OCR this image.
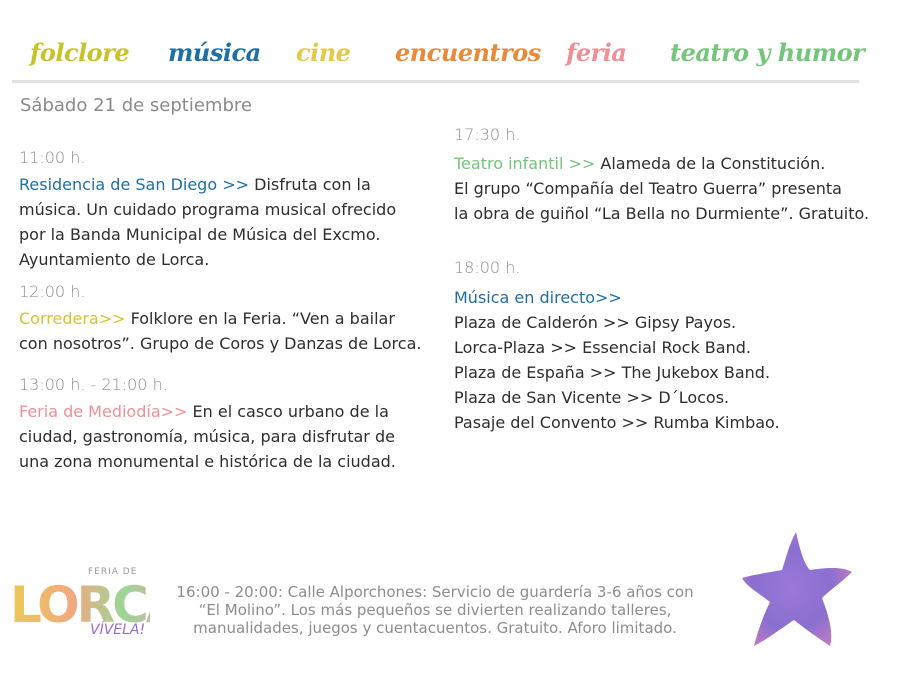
folclore música cine encuentros feria teatro y humor
Sábado 21 de septiembre
11:00 h.
Residencia de San Diego >> Disfruta con la
música. Un cuidado programa musical ofrecido
por la Banda Municipal de Música del Excmo.
Ayuntamiento de Lorca.
12:00 h.
Corredera>> Folklore en la Feria. “Ven a bailar
con nosotros”. Grupo de Coros y Danzas de Lorca.
13:00 h. - 21:00 h.
Feria de Mediodía>> En el casco urbano de la
ciudad, gastronomía, música, para disfrutar de
una zona monumental e histórica de la ciudad.
17:30 h.
Teatro infantil >> Alameda de la Constitución.
El grupo “Compañía del Teatro Guerra” presenta
la obra de guiñol “La Bella no Durmiente”. Gratuito.
18:00 h.
Música en directo>>
Plaza de Calderón >> Gipsy Payos.
Lorca-Plaza >> Essencial Rock Band.
Plaza de España >> The Jukebox Band.
Plaza de San Vicente >> D´Locos.
Pasaje del Convento >> Rumba Kimbao.
FERIA DE
LORC
VÍVELA!
16:00 - 20:00: Calle Alporchones: Servicio de guardería 3-6 años con
“El Molino”. Los más pequeños se divierten realizando talleres,
manualidades, juegos y cuentacuentos. Gratuito. Aforo limitado.
